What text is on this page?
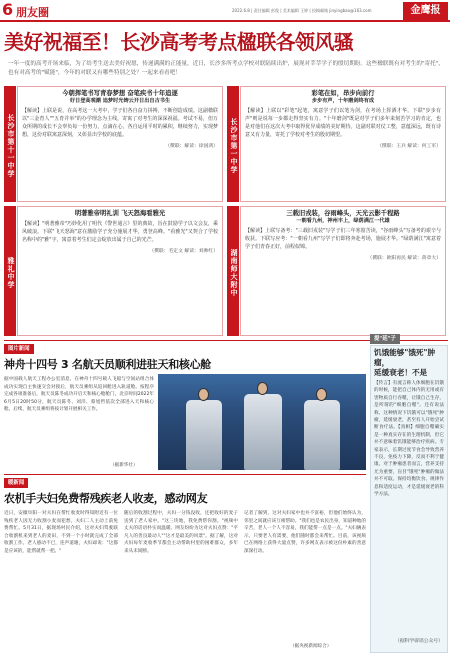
6 朋友圈	2022.6.8 | 责任编辑 彭俊 | 美术编辑 王婷 | 投稿邮箱 jinyingbao@163.com	金鹰报
美好祝福至！长沙高考考点楹联各领风骚
一年一度的高考开场来临，为了给考生送去美好祝愿，传递满满的正能量，近日，长沙多所考点学校对联陆续出炉，展现对莘莘学子的殷切期盼。这些楹联既有对考生的"寄托"，也有对高考的"赋能"，今年的对联又有哪些特别之处？一起来看看吧！
长沙市第十一中学
今朝挥笔书写青春梦想 奋笔疾书十年追逐
好日登高观潮 追梦时光铸云开日出自古书生
【解读】上联是说，在高考这一大考中，学子们各自奋力拼搏，不断创造成绩。这副楹联以"三金育人""五育并举"的办学理念为主线，寄寓了对考生的深深祝福。考试不易，但万众所期的成长不会辜负每一份努力，点滴在心，各自运用平时的累积，继续努力，实现梦想，这份对联寓意深刻，又彰显出学校的底蕴。
（撰联：解读：徐国鸿）
雅礼中学
明著雅帝明礼训 飞天怒海看雅光
【解读】"明著雅帝"巧妙化用了明代《警世通言》里的典故，旨在鼓励学子以文会友，乘风破浪。下联"飞天怒海"意在激励学子充分施展才华，勇登高峰。"看雅光"又契合了学校名称中的"雅"字，寓意着考生们定会绽放出属于自己的光芒。
（撰联：毛定文 解读：刘帅红）
长沙市第一中学
彩笔在如，昂步向前行
步步有声，十年磨剑终有成
【解读】上联以"彩笔"起笔，寓意学子们以笔为剑，在考场上挥洒才华。下联"步步有声"则是说每一步都走得坚实有力。"十年磨剑"既是对学子们多年来刻苦学习的肯定，也是对他们在这次大考中取得优异成绩的美好期待。这副对联对仗工整，意蕴深远，既有诗意又有力量，寄托了学校对考生的殷切期望。
（撰联：王兵 解读：何工军）
湖南师大附中
三载旧戎装，谷雨峰头，天光云影千程路
一朝看九州，神州丰上，绿荫满江一代雄
【解读】上联写备考："三载旧戎装"写学子们三年寒窗苦读，"谷雨峰头"写备考的艰辛与收获。下联写应考："一朝看九州"写学子们即将奔赴考场，施展才华。"绿荫满江"寓意着学子们青春正好，前程似锦。
（撰联：欧阳再民 解读：蒋章大）
图片新闻
神舟十四号 3 名航天员顺利进驻天和核心舱
据中国载人航天工程办公室消息，在神舟十四号载人飞船与空间站组合体成功实现自主快速交会对接后，航天员乘组从返回舱进入轨道舱。按程序完成各项准备后，航天员陈冬成功开启天和核心舱舱门，北京时间2022年6月5日20时50分，航天员陈冬、刘洋、蔡旭哲依次全部进入天和核心舱。后续，航天员乘组将按计划开展相关工作。
（据新华社）
暖新闻
农机手夫妇免费帮残疾老人收麦，感动网友
近日，安徽阜阳一对夫妇在帮忙收麦时得知附近有一位残疾老人因无力收割小麦而犯愁，夫妇二人主动上前免费帮忙。5月31日，据现场村民介绍，这对夫妇驾驶联合收割机来到老人的麦田，不到一个小时就完成了全部收割工作。老人感动不已，连声道谢，夫妇却说："这都是应该的，能帮就帮一把。"
随后的收割过程中，夫妇一分钱没收，还把收好的麦子送到了老人家中。"这三块地，我免费帮你割。"视频中丈夫的话语朴实而温暖。网友纷纷为这对夫妇点赞："平凡人的善良最动人""这才是最美的风景"。据了解，这对夫妇每年麦收季节都会主动帮助村里的困难群众，多年来从未间断。
记者了解到，这对夫妇家中也并不富裕，但他们始终认为，邻里之间就应该互相帮助。"我们也是农民出身，知道种地的辛苦，老人一个人不容易，我们能帮一点是一点。"夫妇俩表示，只要老人有需要，他们随时都会来帮忙。目前，该视频已在网络上获得大量点赞，许多网友表示被这份朴素的善意深深打动。
（据央视新闻综合）
提"延"子
饥饿能够"饿死"肿瘤，
延缓衰老！不是
【传言】有流言称人体细胞在饥饿的时候，能把自己体内的无用或有害物质自行吞噬，让饿自己生存，是所谓的"细胞自噬"。还有说法称，这种情况下饥饿可以"饿死"肿瘤，延缓衰老，甚至有人开始尝试断食疗法。【真相】细胞自噬确实是一种真实存在的生理机制，但它并不意味着饥饿能够治疗疾病。专家表示，长期过度节食会导致营养不良，免疫力下降，反而不利于健康。对于肿瘤患者而言，营养支持尤为重要，盲目"饿死"肿瘤的做法并不可取。保持均衡饮食、规律作息和适度运动，才是延缓衰老的科学方法。
（据科学辟谣公众号）
